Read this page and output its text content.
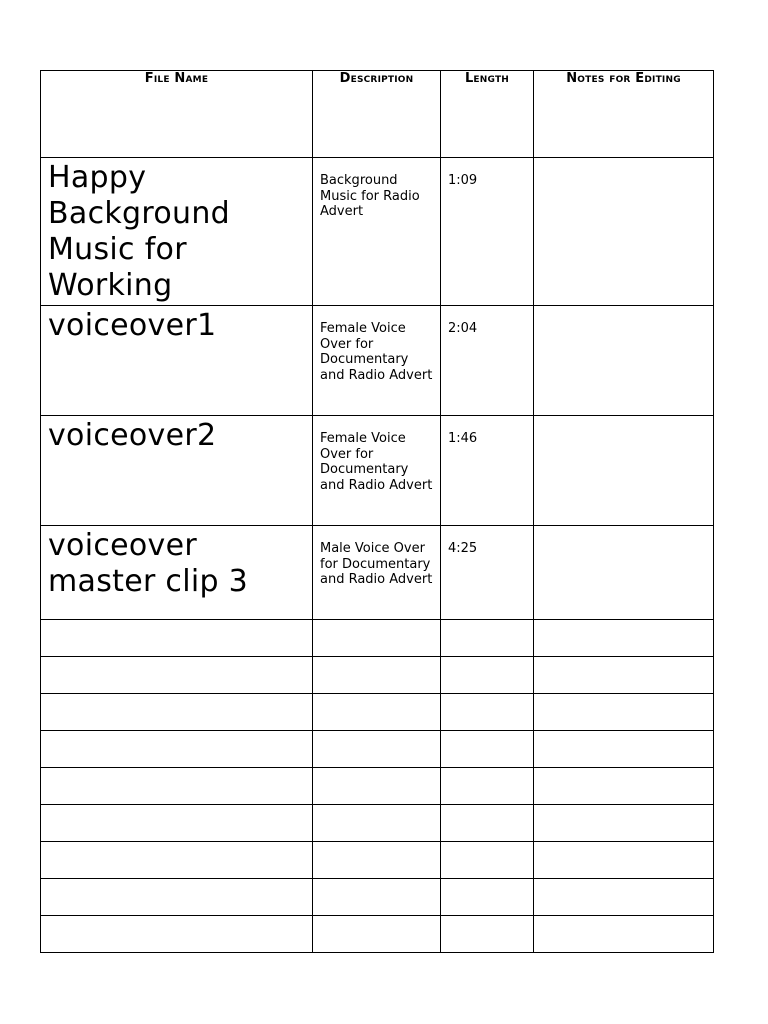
File Name	Description	Length	Notes for Editing

Happy Background Music for Working	Background Music for Radio Advert	1:09	

voiceover1	Female Voice Over for Documentary and Radio Advert	2:04	

voiceover2	Female Voice Over for Documentary and Radio Advert	1:46	

voiceover master clip 3	Male Voice Over for Documentary and Radio Advert	4:25	
